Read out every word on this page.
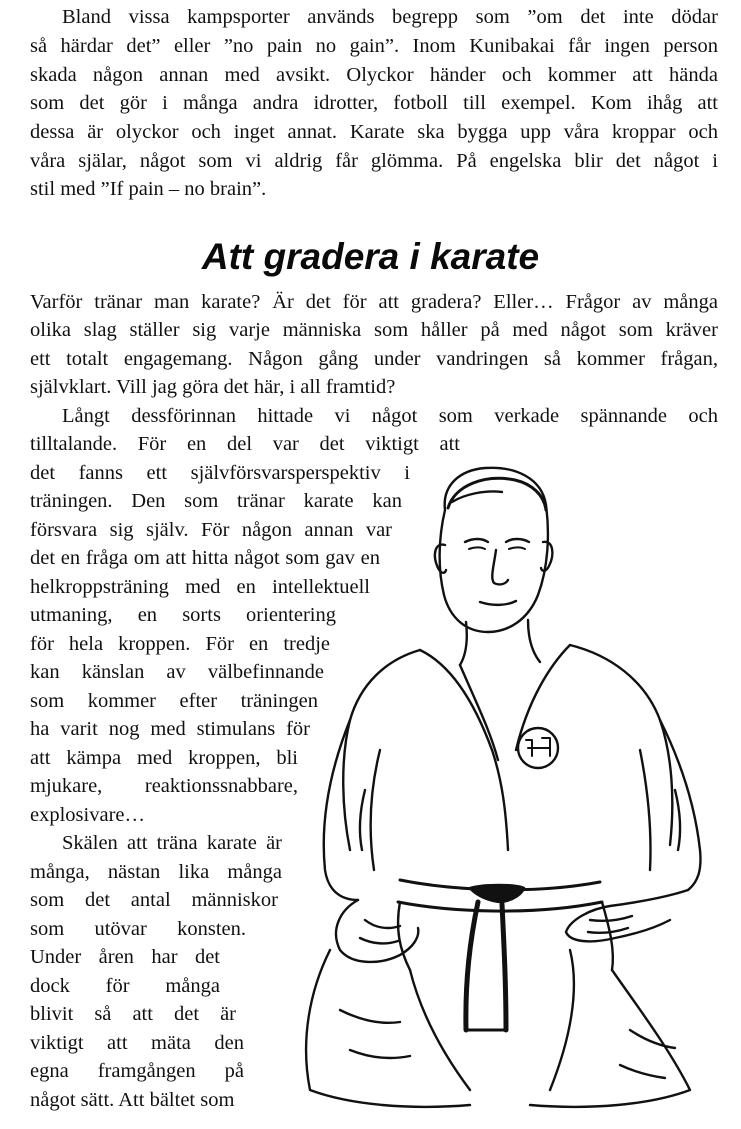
Bland vissa kampsporter används begrepp som ”om det inte dödar
så härdar det” eller ”no pain no gain”. Inom Kunibakai får ingen person
skada någon annan med avsikt. Olyckor händer och kommer att hända
som det gör i många andra idrotter, fotboll till exempel. Kom ihåg att
dessa är olyckor och inget annat. Karate ska bygga upp våra kroppar och
våra själar, något som vi aldrig får glömma. På engelska blir det något i
stil med ”If pain – no brain”.
Att gradera i karate
Varför tränar man karate? Är det för att gradera? Eller… Frågor av många
olika slag ställer sig varje människa som håller på med något som kräver
ett totalt engagemang. Någon gång under vandringen så kommer frågan,
självklart. Vill jag göra det här, i all framtid?
Långt dessförinnan hittade vi något som verkade spännande och
tilltalande. För en del var det viktigt att
det fanns ett självförsvarsperspektiv i
träningen. Den som tränar karate kan
försvara sig själv. För någon annan var
det en fråga om att hitta något som gav en
helkroppsträning med en intellektuell
utmaning, en sorts orientering
för hela kroppen. För en tredje
kan känslan av välbefinnande
som kommer efter träningen
ha varit nog med stimulans för
att kämpa med kroppen, bli
mjukare, reaktionssnabbare,
explosivare…
Skälen att träna karate är
många, nästan lika många
som det antal människor
som utövar konsten.
Under åren har det
dock för många
blivit så att det är
viktigt att mäta den
egna framgången på
något sätt. Att bältet som
